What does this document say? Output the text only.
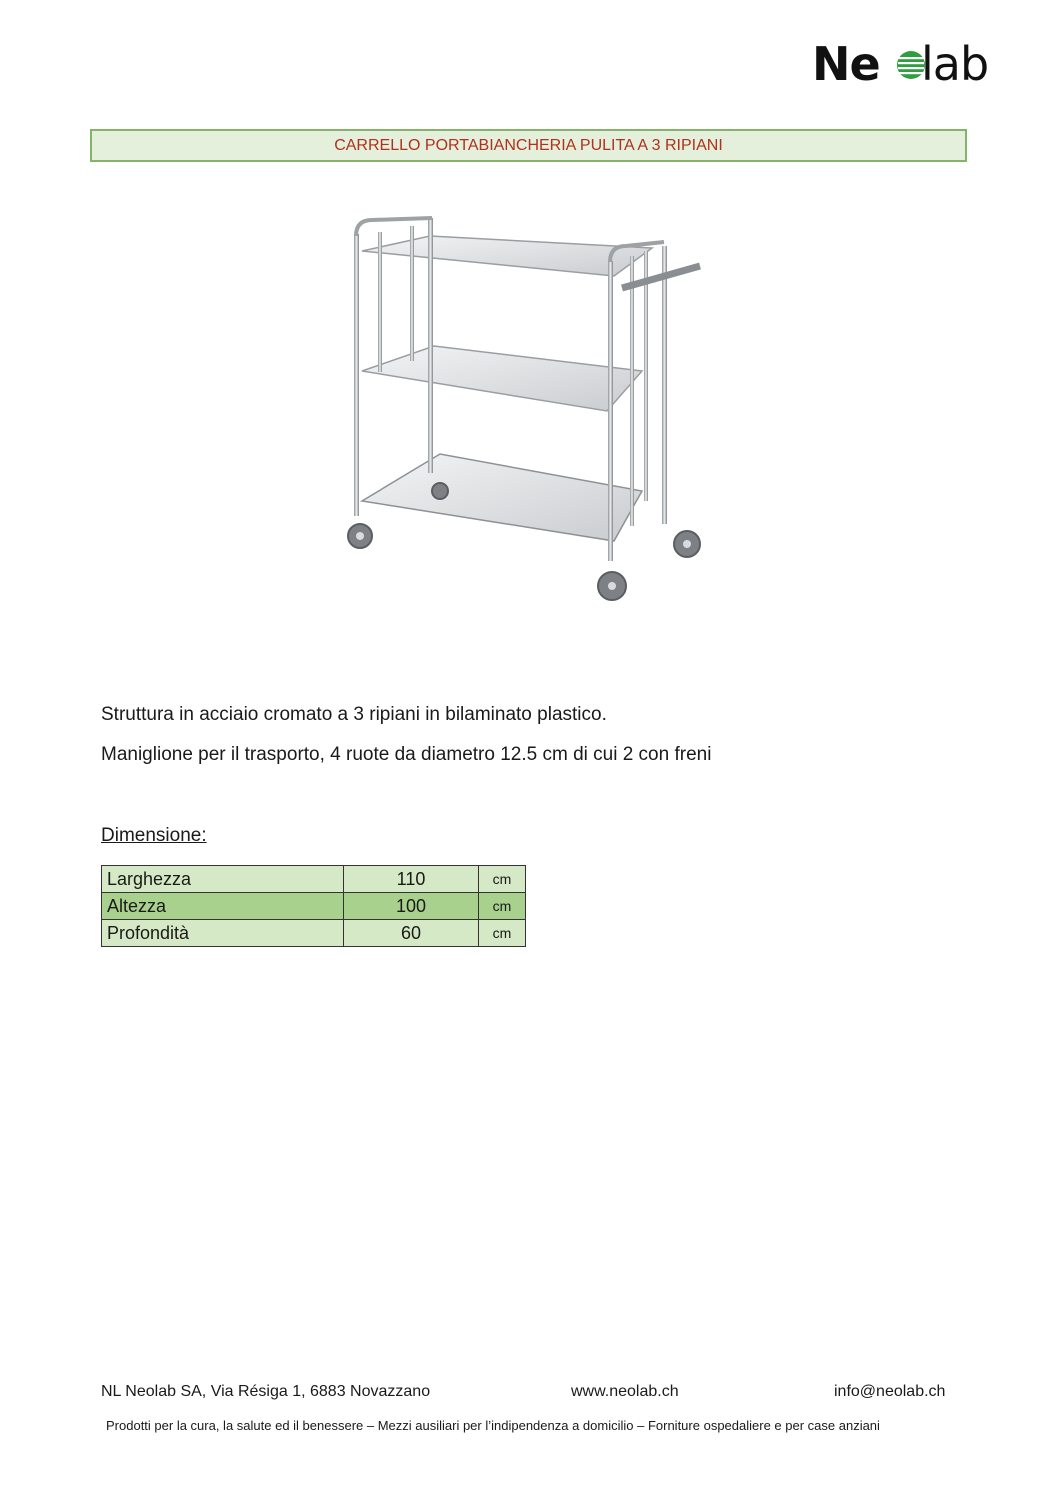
Ne lab
CARRELLO PORTABIANCHERIA PULITA A 3 RIPIANI
Struttura in acciaio cromato a 3 ripiani in bilaminato plastico.
Maniglione per il trasporto, 4 ruote da diametro 12.5 cm di cui 2 con freni
Dimensione:
Larghezza	110	cm
Altezza	100	cm
Profondità	60	cm
NL Neolab SA, Via Résiga 1, 6883 Novazzano	www.neolab.ch	info@neolab.ch
Prodotti per la cura, la salute ed il benessere – Mezzi ausiliari per l’indipendenza a domicilio – Forniture ospedaliere e per case anziani
